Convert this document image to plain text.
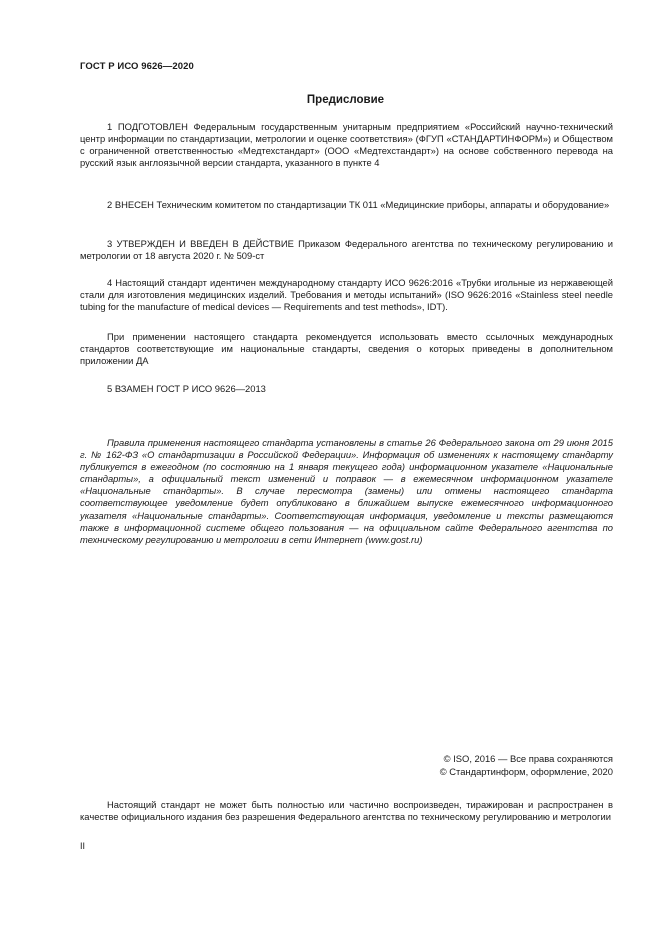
ГОСТ Р ИСО 9626—2020
Предисловие

1 ПОДГОТОВЛЕН Федеральным государственным унитарным предприятием «Российский научно-технический центр информации по стандартизации, метрологии и оценке соответствия» (ФГУП «СТАНДАРТИНФОРМ») и Обществом с ограниченной ответственностью «Медтехстандарт» (ООО «Медтехстандарт») на основе собственного перевода на русский язык англоязычной версии стандарта, указанного в пункте 4

2 ВНЕСЕН Техническим комитетом по стандартизации ТК 011 «Медицинские приборы, аппараты и оборудование»

3 УТВЕРЖДЕН И ВВЕДЕН В ДЕЙСТВИЕ Приказом Федерального агентства по техническому регулированию и метрологии от 18 августа 2020 г. № 509-ст

4 Настоящий стандарт идентичен международному стандарту ИСО 9626:2016 «Трубки игольные из нержавеющей стали для изготовления медицинских изделий. Требования и методы испытаний» (ISO 9626:2016 «Stainless steel needle tubing for the manufacture of medical devices — Requirements and test methods», IDT).

При применении настоящего стандарта рекомендуется использовать вместо ссылочных международных стандартов соответствующие им национальные стандарты, сведения о которых приведены в дополнительном приложении ДА

5 ВЗАМЕН ГОСТ Р ИСО 9626—2013

Правила применения настоящего стандарта установлены в статье 26 Федерального закона от 29 июня 2015 г. № 162-ФЗ «О стандартизации в Российской Федерации». Информация об изменениях к настоящему стандарту публикуется в ежегодном (по состоянию на 1 января текущего года) информационном указателе «Национальные стандарты», а официальный текст изменений и поправок — в ежемесячном информационном указателе «Национальные стандарты». В случае пересмотра (замены) или отмены настоящего стандарта соответствующее уведомление будет опубликовано в ближайшем выпуске ежемесячного информационного указателя «Национальные стандарты». Соответствующая информация, уведомление и тексты размещаются также в информационной системе общего пользования — на официальном сайте Федерального агентства по техническому регулированию и метрологии в сети Интернет (www.gost.ru)

© ISO, 2016 — Все права сохраняются
© Стандартинформ, оформление, 2020

Настоящий стандарт не может быть полностью или частично воспроизведен, тиражирован и распространен в качестве официального издания без разрешения Федерального агентства по техническому регулированию и метрологии

II
